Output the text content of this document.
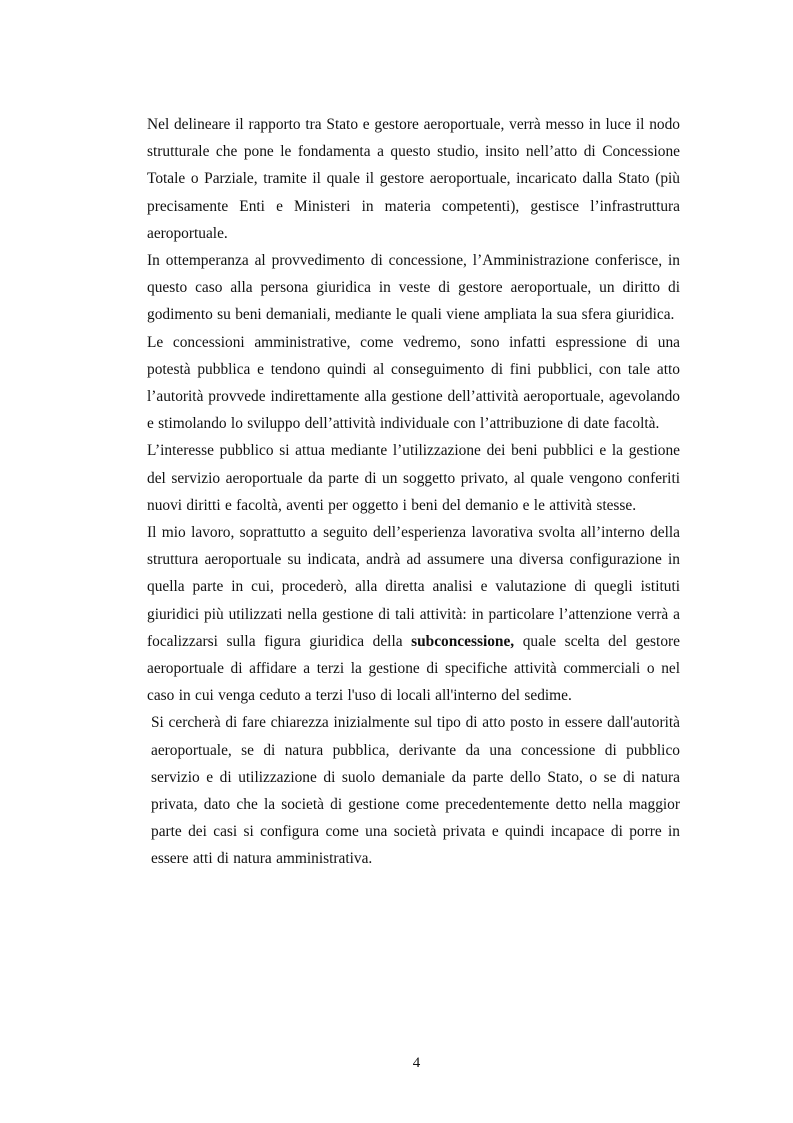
Nel delineare il rapporto tra Stato e gestore aeroportuale, verrà messo in luce il nodo strutturale che pone le fondamenta a questo studio, insito nell’atto di Concessione Totale o Parziale, tramite il quale il gestore aeroportuale, incaricato dalla Stato (più precisamente Enti e Ministeri in materia competenti), gestisce l’infrastruttura aeroportuale.

In ottemperanza al provvedimento di concessione, l’Amministrazione conferisce, in questo caso alla persona giuridica in veste di gestore aeroportuale, un diritto di godimento su beni demaniali, mediante le quali viene ampliata la sua sfera giuridica.

Le concessioni amministrative, come vedremo, sono infatti espressione di una potestà pubblica e tendono quindi al conseguimento di fini pubblici, con tale atto l’autorità provvede indirettamente alla gestione dell’attività aeroportuale, agevolando e stimolando lo sviluppo dell’attività individuale con l’attribuzione di date facoltà.

L’interesse pubblico si attua mediante l’utilizzazione dei beni pubblici e la gestione del servizio aeroportuale da parte di un soggetto privato, al quale vengono conferiti nuovi diritti e facoltà, aventi per oggetto i beni del demanio e le attività stesse.

Il mio lavoro, soprattutto a seguito dell’esperienza lavorativa svolta all’interno della struttura aeroportuale su indicata, andrà ad assumere una diversa configurazione in quella parte in cui, procederò, alla diretta analisi e valutazione di quegli istituti giuridici più utilizzati nella gestione di tali attività: in particolare l’attenzione verrà a focalizzarsi sulla figura giuridica della subconcessione, quale scelta del gestore aeroportuale di affidare a terzi la gestione di specifiche attività commerciali o nel caso in cui venga ceduto a terzi l'uso di locali all'interno del sedime.

Si cercherà di fare chiarezza inizialmente sul tipo di atto posto in essere dall'autorità aeroportuale, se di natura pubblica, derivante da una concessione di pubblico servizio e di utilizzazione di suolo demaniale da parte dello Stato, o se di natura privata, dato che la società di gestione come precedentemente detto nella maggior parte dei casi si configura come una società privata e quindi incapace di porre in essere atti di natura amministrativa.

4
